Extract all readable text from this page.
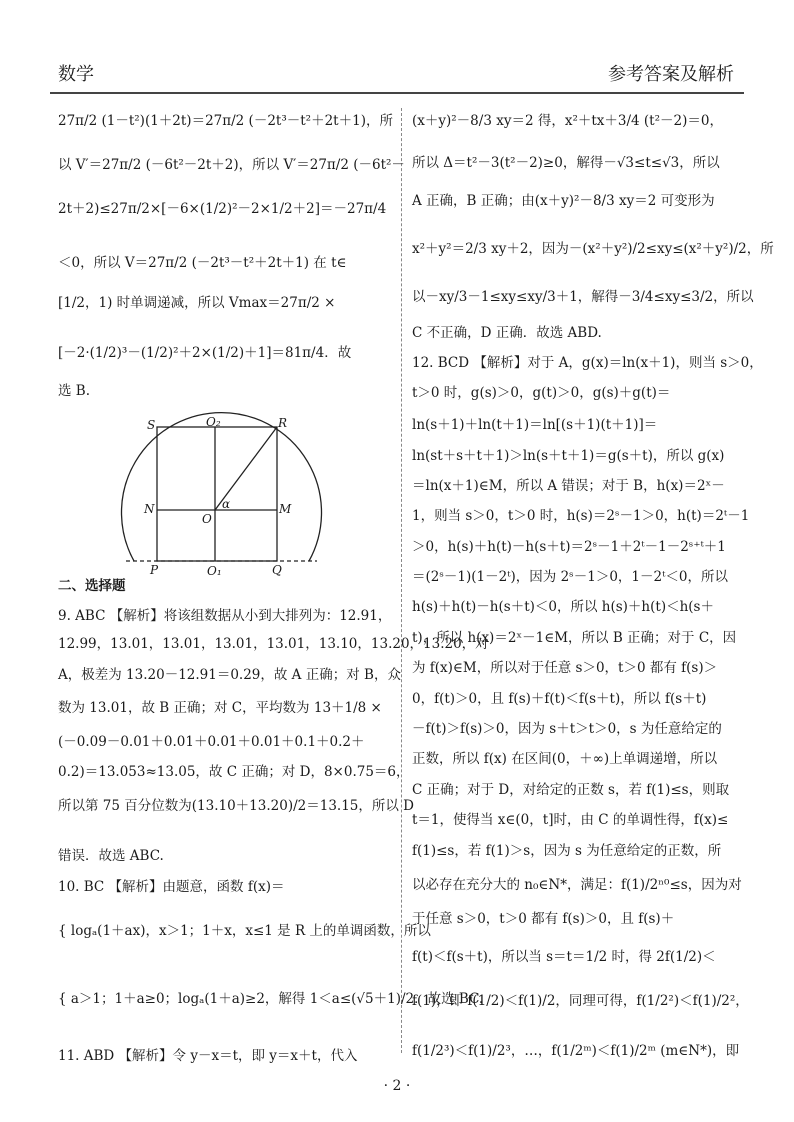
数学	参考答案及解析
27π/2 (1－t²)(1＋2t)＝27π/2 (－2t³－t²＋2t＋1)，所
以 V′＝27π/2 (－6t²－2t＋2)，所以 V′＝27π/2 (－6t²－
2t＋2)≤27π/2×[－6×(1/2)²－2×1/2＋2]＝－27π/4
＜0，所以 V＝27π/2 (－2t³－t²＋2t＋1) 在 t∈
[1/2，1) 时单调递减，所以 Vmax＝27π/2 ×
[－2·(1/2)³－(1/2)²＋2×(1/2)＋1]＝81π/4．故
选 B.
二、选择题
9. ABC 【解析】将该组数据从小到大排列为：12.91，
12.99，13.01，13.01，13.01，13.01，13.10，13.20，13.20，对
A，极差为 13.20－12.91＝0.29，故 A 正确；对 B，众
数为 13.01，故 B 正确；对 C，平均数为 13＋1/8 ×
(－0.09－0.01＋0.01＋0.01＋0.01＋0.1＋0.2＋
0.2)＝13.053≈13.05，故 C 正确；对 D，8×0.75＝6，
所以第 75 百分位数为(13.10＋13.20)/2＝13.15，所以 D
错误．故选 ABC.
10. BC 【解析】由题意，函数 f(x)＝
{ logₐ(1＋ax)，x＞1；1＋x，x≤1 是 R 上的单调函数，所以
{ a＞1；1＋a≥0；logₐ(1＋a)≥2，解得 1＜a≤(√5＋1)/2．故选 BC.
11. ABD 【解析】令 y－x＝t，即 y＝x＋t，代入
S	O₂	R
N	M
O
α
P	O₁	Q
(x＋y)²－8/3 xy＝2 得，x²＋tx＋3/4 (t²－2)＝0，
所以 Δ＝t²－3(t²－2)≥0，解得－√3≤t≤√3，所以
A 正确，B 正确；由(x＋y)²－8/3 xy＝2 可变形为
x²＋y²＝2/3 xy＋2，因为－(x²＋y²)/2≤xy≤(x²＋y²)/2，所
以－xy/3－1≤xy≤xy/3＋1，解得－3/4≤xy≤3/2，所以
C 不正确，D 正确．故选 ABD.
12. BCD 【解析】对于 A，g(x)＝ln(x＋1)，则当 s＞0，
t＞0 时，g(s)＞0，g(t)＞0，g(s)＋g(t)＝
ln(s＋1)＋ln(t＋1)＝ln[(s＋1)(t＋1)]＝
ln(st＋s＋t＋1)＞ln(s＋t＋1)＝g(s＋t)，所以 g(x)
＝ln(x＋1)∈M，所以 A 错误；对于 B，h(x)＝2ˣ－
1，则当 s＞0，t＞0 时，h(s)＝2ˢ－1＞0，h(t)＝2ᵗ－1
＞0，h(s)＋h(t)－h(s＋t)＝2ˢ－1＋2ᵗ－1－2ˢ⁺ᵗ＋1
＝(2ˢ－1)(1－2ᵗ)，因为 2ˢ－1＞0，1－2ᵗ＜0，所以
h(s)＋h(t)－h(s＋t)＜0，所以 h(s)＋h(t)＜h(s＋
t)，所以 h(x)＝2ˣ－1∈M，所以 B 正确；对于 C，因
为 f(x)∈M，所以对于任意 s＞0，t＞0 都有 f(s)＞
0，f(t)＞0，且 f(s)＋f(t)＜f(s＋t)，所以 f(s＋t)
－f(t)＞f(s)＞0，因为 s＋t＞t＞0，s 为任意给定的
正数，所以 f(x) 在区间(0，＋∞)上单调递增，所以
C 正确；对于 D，对给定的正数 s，若 f(1)≤s，则取
t＝1，使得当 x∈(0，t]时，由 C 的单调性得，f(x)≤
f(1)≤s，若 f(1)＞s，因为 s 为任意给定的正数，所
以必存在充分大的 n₀∈N*，满足：f(1)/2ⁿ⁰≤s，因为对
于任意 s＞0，t＞0 都有 f(s)＞0，且 f(s)＋
f(t)＜f(s＋t)，所以当 s＝t＝1/2 时，得 2f(1/2)＜
f(1)，即 f(1/2)＜f(1)/2，同理可得，f(1/2²)＜f(1)/2²，
f(1/2³)＜f(1)/2³，…，f(1/2ᵐ)＜f(1)/2ᵐ (m∈N*)，即
· 2 ·
